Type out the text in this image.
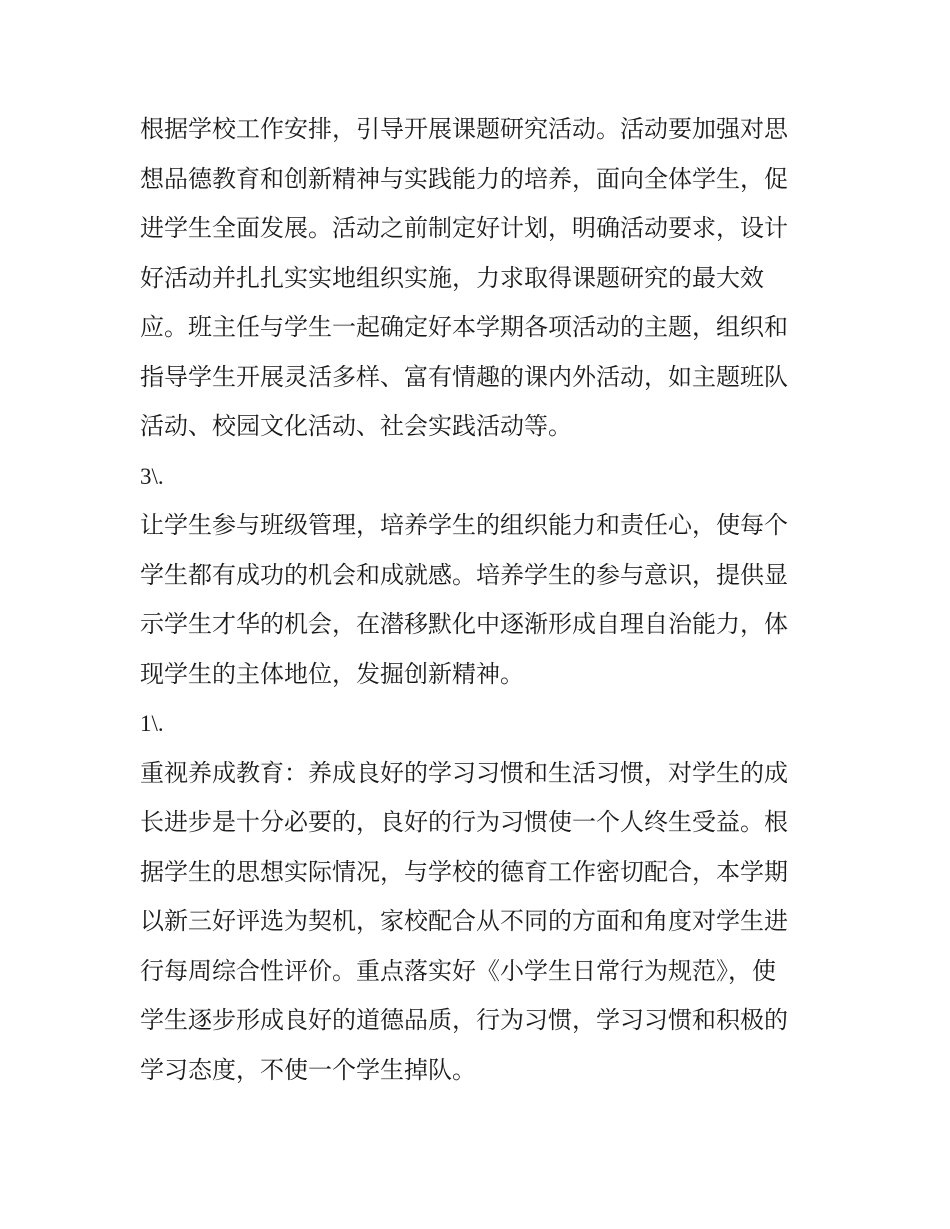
根据学校工作安排，引导开展课题研究活动。活动要加强对思
想品德教育和创新精神与实践能力的培养，面向全体学生，促
进学生全面发展。活动之前制定好计划，明确活动要求，设计
好活动并扎扎实实地组织实施，力求取得课题研究的最大效
应。班主任与学生一起确定好本学期各项活动的主题，组织和
指导学生开展灵活多样、富有情趣的课内外活动，如主题班队
活动、校园文化活动、社会实践活动等。

3\.

让学生参与班级管理，培养学生的组织能力和责任心，使每个
学生都有成功的机会和成就感。培养学生的参与意识，提供显
示学生才华的机会，在潜移默化中逐渐形成自理自治能力，体
现学生的主体地位，发掘创新精神。

1\.

重视养成教育：养成良好的学习习惯和生活习惯，对学生的成
长进步是十分必要的，良好的行为习惯使一个人终生受益。根
据学生的思想实际情况，与学校的德育工作密切配合，本学期
以新三好评选为契机，家校配合从不同的方面和角度对学生进
行每周综合性评价。重点落实好《小学生日常行为规范》，使
学生逐步形成良好的道德品质，行为习惯，学习习惯和积极的
学习态度，不使一个学生掉队。
